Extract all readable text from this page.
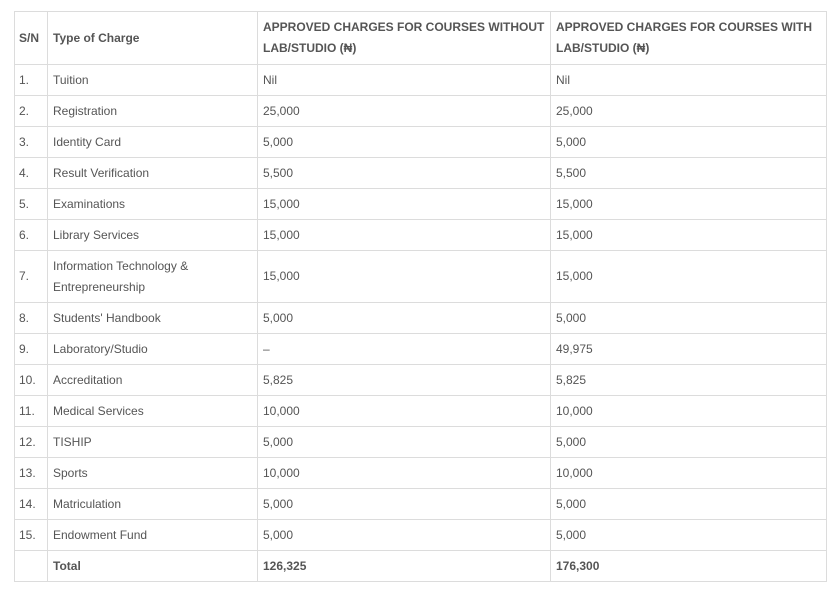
S/N	Type of Charge	APPROVED CHARGES FOR COURSES WITHOUT LAB/STUDIO (₦)	APPROVED CHARGES FOR COURSES WITH LAB/STUDIO (₦)
1.	Tuition	Nil	Nil
2.	Registration	25,000	25,000
3.	Identity Card	5,000	5,000
4.	Result Verification	5,500	5,500
5.	Examinations	15,000	15,000
6.	Library Services	15,000	15,000
7.	Information Technology & Entrepreneurship	15,000	15,000
8.	Students' Handbook	5,000	5,000
9.	Laboratory/Studio	–	49,975
10.	Accreditation	5,825	5,825
11.	Medical Services	10,000	10,000
12.	TISHIP	5,000	5,000
13.	Sports	10,000	10,000
14.	Matriculation	5,000	5,000
15.	Endowment Fund	5,000	5,000
	Total	126,325	176,300
